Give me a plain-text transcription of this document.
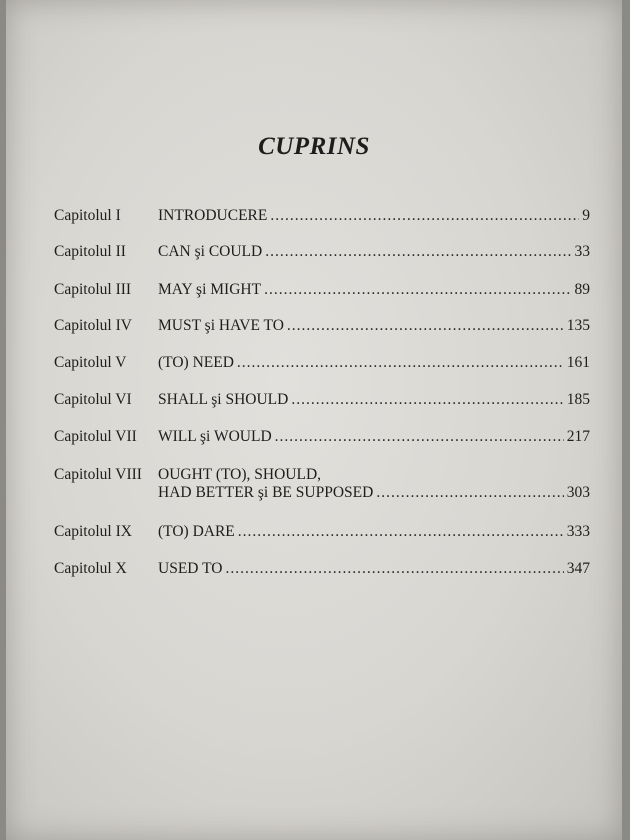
CUPRINS
Capitolul I INTRODUCERE .....	9
Capitolul II CAN şi COULD .....	33
Capitolul III MAY şi MIGHT .....	89
Capitolul IV MUST şi HAVE TO .....	135
Capitolul V (TO) NEED .....	161
Capitolul VI SHALL şi SHOULD .....	185
Capitolul VII WILL şi WOULD .....	217
Capitolul VIII OUGHT (TO), SHOULD,
HAD BETTER şi BE SUPPOSED .....	303
Capitolul IX (TO) DARE .....	333
Capitolul X USED TO .....	347
